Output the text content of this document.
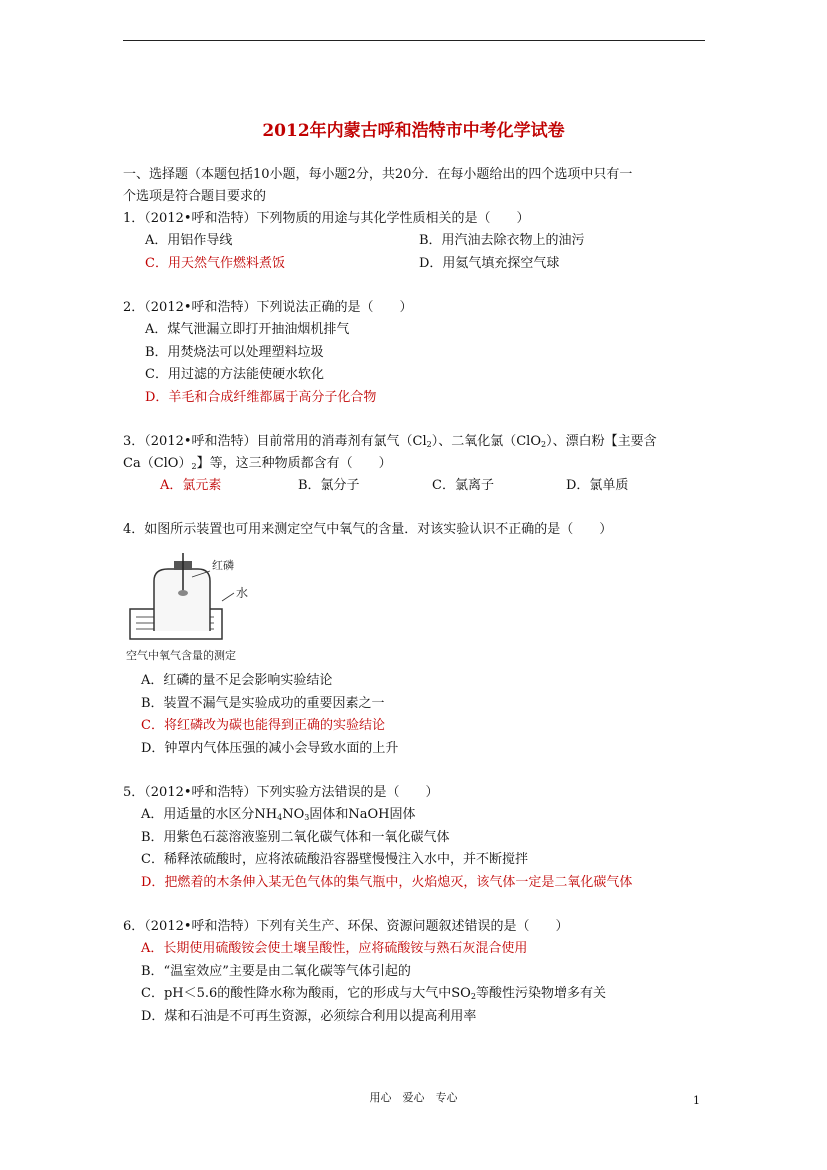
2012年内蒙古呼和浩特市中考化学试卷
一、选择题（本题包括10小题，每小题2分，共20分．在每小题给出的四个选项中只有一
个选项是符合题目要求的
1．（2012•呼和浩特）下列物质的用途与其化学性质相关的是（　　）
A．用铝作导线	B．用汽油去除衣物上的油污
C．用天然气作燃料煮饭	D．用氦气填充探空气球
2．（2012•呼和浩特）下列说法正确的是（　　）
A．煤气泄漏立即打开抽油烟机排气
B．用焚烧法可以处理塑料垃圾
C．用过滤的方法能使硬水软化
D．羊毛和合成纤维都属于高分子化合物
3．（2012•呼和浩特）目前常用的消毒剂有氯气$(Cl_2)$、二氧化氯（ClO$_2$）、漂白粉【主要含
$Ca(ClO)_2$】等，这三种物质都含有（　　）
A．氯元素	B．氯分子	C．氯离子	D．氯单质
4．如图所示装置也可用来测定空气中氧气的含量．对该实验认识不正确的是（　　）
红磷
水
空气中氧气含量的测定
A．红磷的量不足会影响实验结论
B．装置不漏气是实验成功的重要因素之一
C．将红磷改为碳也能得到正确的实验结论
D．钟罩内气体压强的减小会导致水面的上升
5．（2012•呼和浩特）下列实验方法错误的是（　　）
A．用适量的水区分$NH_4NO_3$固体和NaOH固体
B．用紫色石蕊溶液鉴别二氧化碳气体和一氧化碳气体
C．稀释浓硫酸时，应将浓硫酸沿容器壁慢慢注入水中，并不断搅拌
D．把燃着的木条伸入某无色气体的集气瓶中，火焰熄灭，该气体一定是二氧化碳气体
6．（2012•呼和浩特）下列有关生产、环保、资源问题叙述错误的是（　　）
A．长期使用硫酸铵会使土壤呈酸性，应将硫酸铵与熟石灰混合使用
B．“温室效应”主要是由二氧化碳等气体引起的
C．pH＜5.6的酸性降水称为酸雨，它的形成与大气中$SO_2$等酸性污染物增多有关
D．煤和石油是不可再生资源，必须综合利用以提高利用率
用心　爱心　专心	1
